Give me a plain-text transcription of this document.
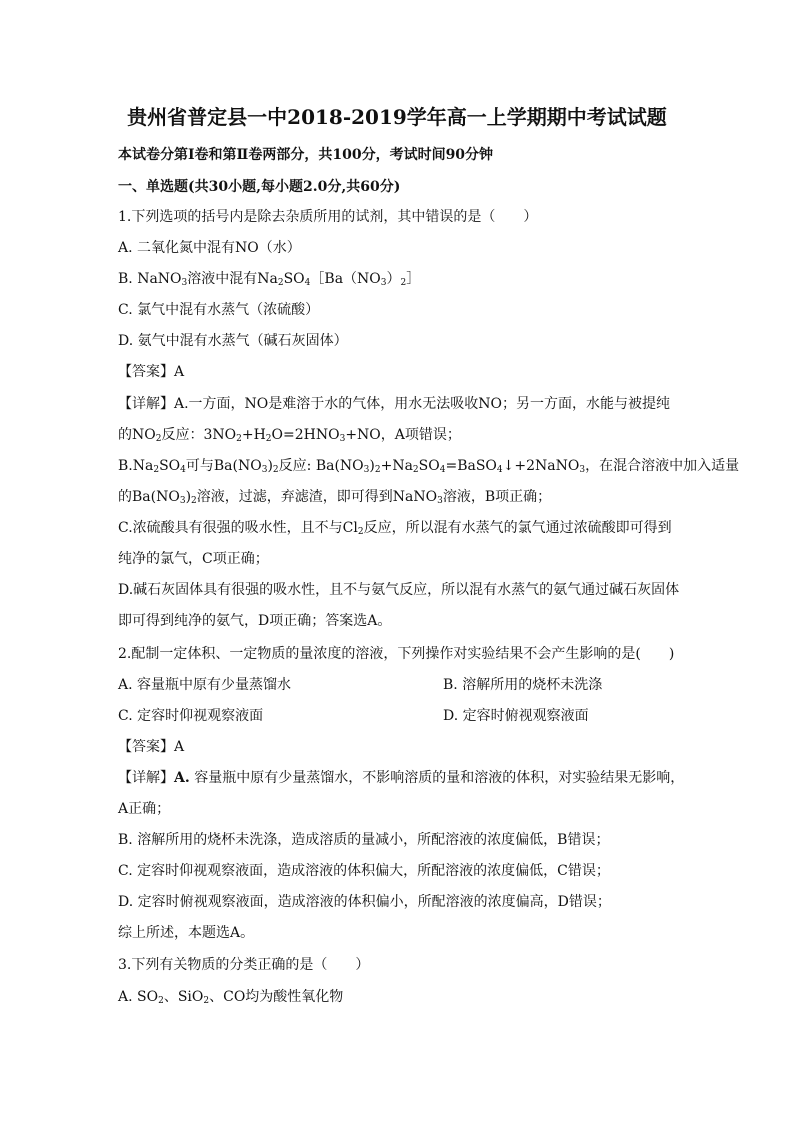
贵州省普定县一中2018-2019学年高一上学期期中考试试题
本试卷分第Ⅰ卷和第Ⅱ卷两部分，共100分，考试时间90分钟
一、单选题(共30小题,每小题2.0分,共60分)
1.下列选项的括号内是除去杂质所用的试剂，其中错误的是（　　）
A. 二氧化氮中混有NO（水）
B. NaNO$_3$溶液中混有$Na_2SO_4[Ba(NO_3)_2]$
C. 氯气中混有水蒸气（浓硫酸）
D. 氨气中混有水蒸气（碱石灰固体）
【答案】A
【详解】A.一方面，NO是难溶于水的气体，用水无法吸收NO；另一方面，水能与被提纯
的$NO_2$反应：$3NO_2+H_2O=2HNO_3+NO$，A项错误；
$B.Na_2SO_4$可与$Ba(NO_3)_2$反应: $Ba(NO_3)_2+Na_2SO_4=BaSO_4↓+2NaNO_3$，在混合溶液中加入适量
的$Ba(NO_3)_2$溶液，过滤，弃滤渣，即可得到NaNO$_3$溶液，B项正确；
C.浓硫酸具有很强的吸水性，且不与$Cl_2$反应，所以混有水蒸气的氯气通过浓硫酸即可得到
纯净的氯气，C项正确；
D.碱石灰固体具有很强的吸水性，且不与氨气反应，所以混有水蒸气的氨气通过碱石灰固体
即可得到纯净的氨气，D项正确；答案选A。
2.配制一定体积、一定物质的量浓度的溶液，下列操作对实验结果不会产生影响的是(　　)
A. 容量瓶中原有少量蒸馏水	B. 溶解所用的烧杯未洗涤
C. 定容时仰视观察液面	D. 定容时俯视观察液面
【答案】A
【详解】A. 容量瓶中原有少量蒸馏水，不影响溶质的量和溶液的体积，对实验结果无影响，
A正确；
B. 溶解所用的烧杯未洗涤，造成溶质的量减小，所配溶液的浓度偏低，B错误；
C. 定容时仰视观察液面，造成溶液的体积偏大，所配溶液的浓度偏低，C错误；
D. 定容时俯视观察液面，造成溶液的体积偏小，所配溶液的浓度偏高，D错误；
综上所述，本题选A。
3.下列有关物质的分类正确的是（　　）
A. $SO_2$、SiO$_2$、CO均为酸性氧化物
